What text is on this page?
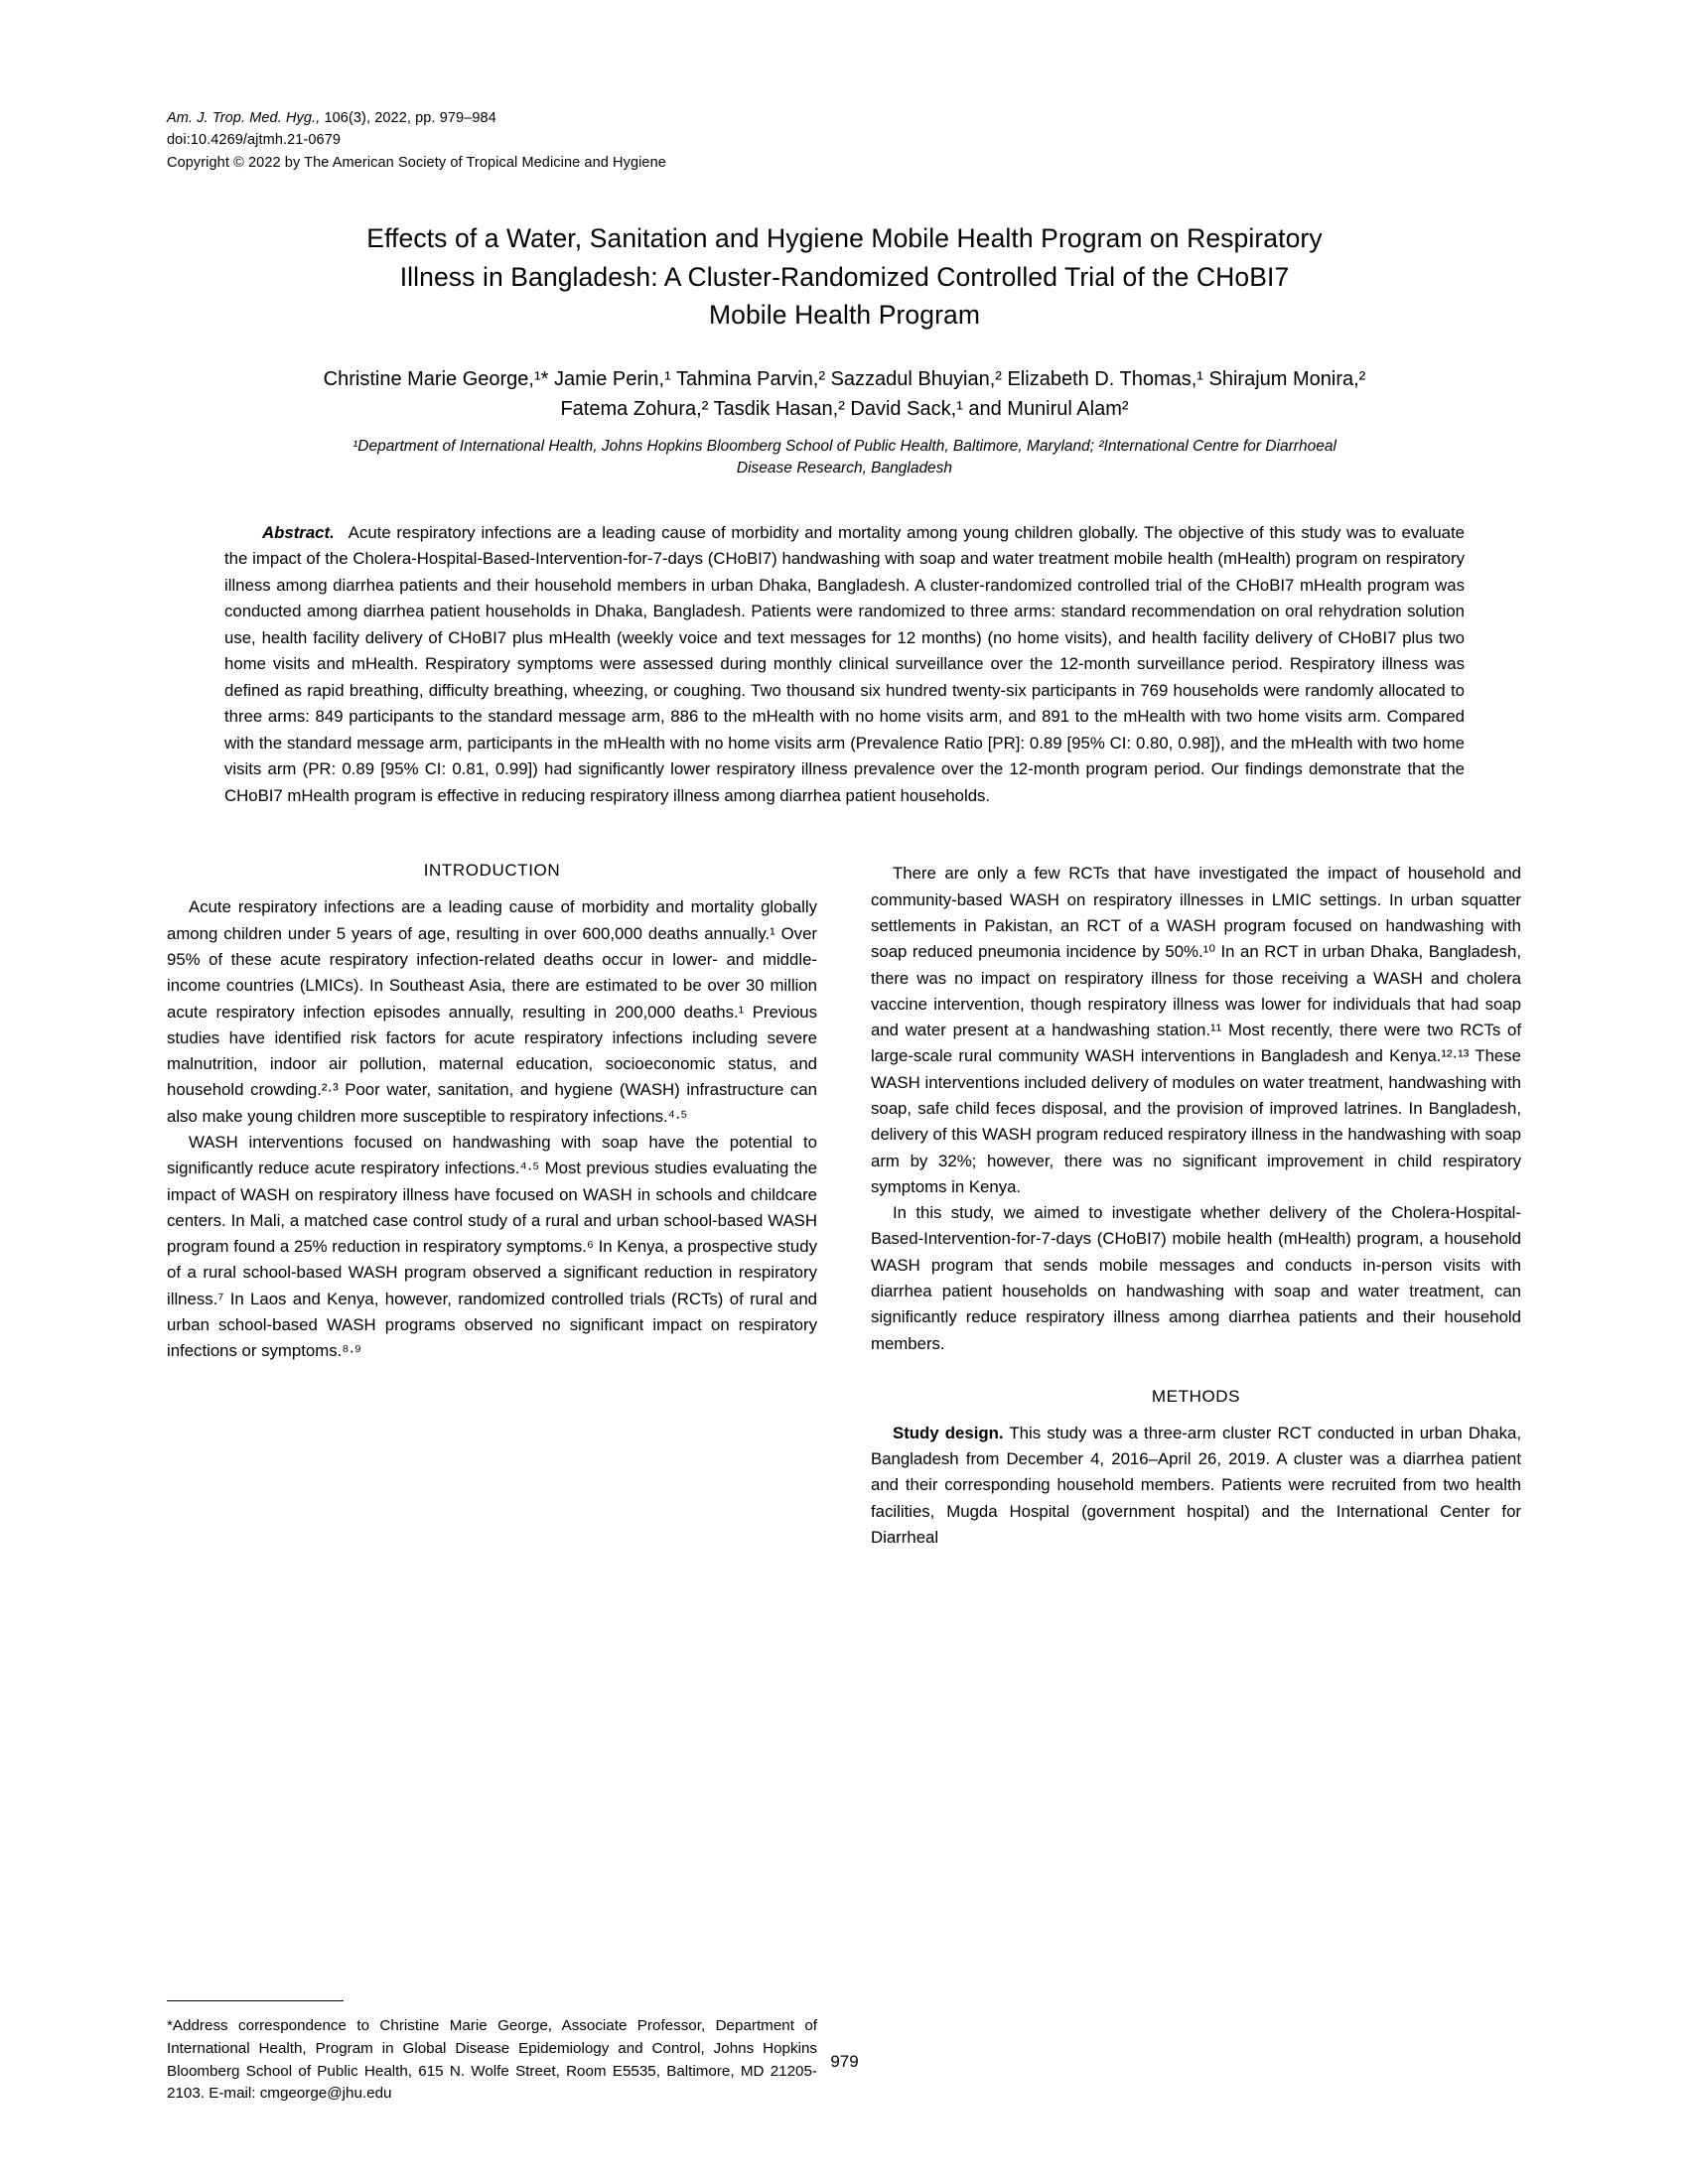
Am. J. Trop. Med. Hyg., 106(3), 2022, pp. 979–984
doi:10.4269/ajtmh.21-0679
Copyright © 2022 by The American Society of Tropical Medicine and Hygiene
Effects of a Water, Sanitation and Hygiene Mobile Health Program on Respiratory
Illness in Bangladesh: A Cluster-Randomized Controlled Trial of the CHoBI7
Mobile Health Program
Christine Marie George,¹* Jamie Perin,¹ Tahmina Parvin,² Sazzadul Bhuyian,² Elizabeth D. Thomas,¹ Shirajum Monira,²
Fatema Zohura,² Tasdik Hasan,² David Sack,¹ and Munirul Alam²
¹Department of International Health, Johns Hopkins Bloomberg School of Public Health, Baltimore, Maryland; ²International Centre for Diarrhoeal
Disease Research, Bangladesh
Abstract. Acute respiratory infections are a leading cause of morbidity and mortality among young children globally. The objective of this study was to evaluate the impact of the Cholera-Hospital-Based-Intervention-for-7-days (CHoBI7) handwashing with soap and water treatment mobile health (mHealth) program on respiratory illness among diarrhea patients and their household members in urban Dhaka, Bangladesh. A cluster-randomized controlled trial of the CHoBI7 mHealth program was conducted among diarrhea patient households in Dhaka, Bangladesh. Patients were randomized to three arms: standard recommendation on oral rehydration solution use, health facility delivery of CHoBI7 plus mHealth (weekly voice and text messages for 12 months) (no home visits), and health facility delivery of CHoBI7 plus two home visits and mHealth. Respiratory symptoms were assessed during monthly clinical surveillance over the 12-month surveillance period. Respiratory illness was defined as rapid breathing, difficulty breathing, wheezing, or coughing. Two thousand six hundred twenty-six participants in 769 households were randomly allocated to three arms: 849 participants to the standard message arm, 886 to the mHealth with no home visits arm, and 891 to the mHealth with two home visits arm. Compared with the standard message arm, participants in the mHealth with no home visits arm (Prevalence Ratio [PR]: 0.89 [95% CI: 0.80, 0.98]), and the mHealth with two home visits arm (PR: 0.89 [95% CI: 0.81, 0.99]) had significantly lower respiratory illness prevalence over the 12-month program period. Our findings demonstrate that the CHoBI7 mHealth program is effective in reducing respiratory illness among diarrhea patient households.
INTRODUCTION

Acute respiratory infections are a leading cause of morbidity and mortality globally among children under 5 years of age, resulting in over 600,000 deaths annually.¹ Over 95% of these acute respiratory infection-related deaths occur in lower- and middle-income countries (LMICs). In Southeast Asia, there are estimated to be over 30 million acute respiratory infection episodes annually, resulting in 200,000 deaths.¹ Previous studies have identified risk factors for acute respiratory infections including severe malnutrition, indoor air pollution, maternal education, socioeconomic status, and household crowding.²·³ Poor water, sanitation, and hygiene (WASH) infrastructure can also make young children more susceptible to respiratory infections.⁴·⁵

WASH interventions focused on handwashing with soap have the potential to significantly reduce acute respiratory infections.⁴·⁵ Most previous studies evaluating the impact of WASH on respiratory illness have focused on WASH in schools and childcare centers. In Mali, a matched case control study of a rural and urban school-based WASH program found a 25% reduction in respiratory symptoms.⁶ In Kenya, a prospective study of a rural school-based WASH program observed a significant reduction in respiratory illness.⁷ In Laos and Kenya, however, randomized controlled trials (RCTs) of rural and urban school-based WASH programs observed no significant impact on respiratory infections or symptoms.⁸·⁹

*Address correspondence to Christine Marie George, Associate Professor, Department of International Health, Program in Global Disease Epidemiology and Control, Johns Hopkins Bloomberg School of Public Health, 615 N. Wolfe Street, Room E5535, Baltimore, MD 21205-2103. E-mail: cmgeorge@jhu.edu

There are only a few RCTs that have investigated the impact of household and community-based WASH on respiratory illnesses in LMIC settings. In urban squatter settlements in Pakistan, an RCT of a WASH program focused on handwashing with soap reduced pneumonia incidence by 50%.¹⁰ In an RCT in urban Dhaka, Bangladesh, there was no impact on respiratory illness for those receiving a WASH and cholera vaccine intervention, though respiratory illness was lower for individuals that had soap and water present at a handwashing station.¹¹ Most recently, there were two RCTs of large-scale rural community WASH interventions in Bangladesh and Kenya.¹²·¹³ These WASH interventions included delivery of modules on water treatment, handwashing with soap, safe child feces disposal, and the provision of improved latrines. In Bangladesh, delivery of this WASH program reduced respiratory illness in the handwashing with soap arm by 32%; however, there was no significant improvement in child respiratory symptoms in Kenya.

In this study, we aimed to investigate whether delivery of the Cholera-Hospital-Based-Intervention-for-7-days (CHoBI7) mobile health (mHealth) program, a household WASH program that sends mobile messages and conducts in-person visits with diarrhea patient households on handwashing with soap and water treatment, can significantly reduce respiratory illness among diarrhea patients and their household members.

METHODS

Study design. This study was a three-arm cluster RCT conducted in urban Dhaka, Bangladesh from December 4, 2016–April 26, 2019. A cluster was a diarrhea patient and their corresponding household members. Patients were recruited from two health facilities, Mugda Hospital (government hospital) and the International Center for Diarrheal

979
